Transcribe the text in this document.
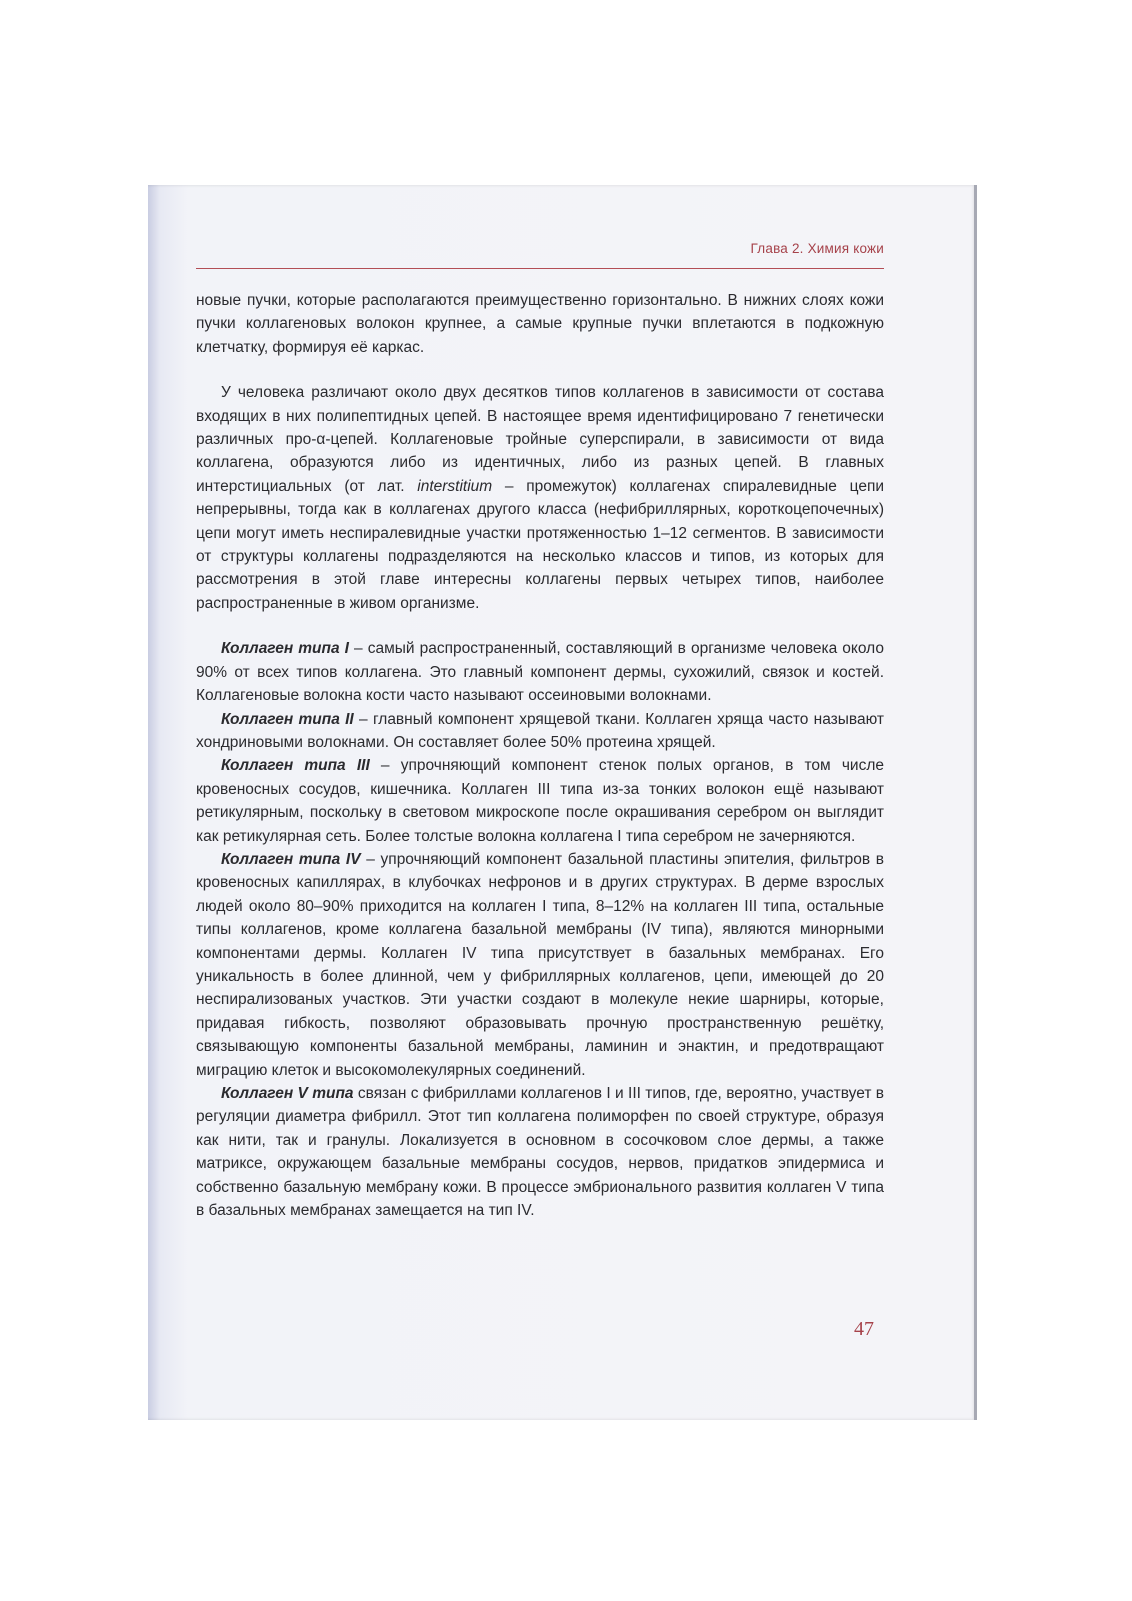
Глава 2. Химия кожи

новые пучки, которые располагаются преимущественно горизонтально. В нижних слоях кожи пучки коллагеновых волокон крупнее, а самые крупные пучки вплетаются в подкожную клетчатку, формируя её каркас.

У человека различают около двух десятков типов коллагенов в зависимости от состава входящих в них полипептидных цепей. В настоящее время идентифицировано 7 генетически различных про-α-цепей. Коллагеновые тройные суперспирали, в зависимости от вида коллагена, образуются либо из идентичных, либо из разных цепей. В главных интерстициальных (от лат. interstitium – промежуток) коллагенах спиралевидные цепи непрерывны, тогда как в коллагенах другого класса (нефибриллярных, короткоцепочечных) цепи могут иметь неспиралевидные участки протяженностью 1–12 сегментов. В зависимости от структуры коллагены подразделяются на несколько классов и типов, из которых для рассмотрения в этой главе интересны коллагены первых четырех типов, наиболее распространенные в живом организме.

Коллаген типа I – самый распространенный, составляющий в организме человека около 90% от всех типов коллагена. Это главный компонент дермы, сухожилий, связок и костей. Коллагеновые волокна кости часто называют оссеиновыми волокнами.

Коллаген типа II – главный компонент хрящевой ткани. Коллаген хряща часто называют хондриновыми волокнами. Он составляет более 50% протеина хрящей.

Коллаген типа III – упрочняющий компонент стенок полых органов, в том числе кровеносных сосудов, кишечника. Коллаген III типа из-за тонких волокон ещё называют ретикулярным, поскольку в световом микроскопе после окрашивания серебром он выглядит как ретикулярная сеть. Более толстые волокна коллагена I типа серебром не зачерняются.

Коллаген типа IV – упрочняющий компонент базальной пластины эпителия, фильтров в кровеносных капиллярах, в клубочках нефронов и в других структурах. В дерме взрослых людей около 80–90% приходится на коллаген I типа, 8–12% на коллаген III типа, остальные типы коллагенов, кроме коллагена базальной мембраны (IV типа), являются минорными компонентами дермы. Коллаген IV типа присутствует в базальных мембранах. Его уникальность в более длинной, чем у фибриллярных коллагенов, цепи, имеющей до 20 неспирализованых участков. Эти участки создают в молекуле некие шарниры, которые, придавая гибкость, позволяют образовывать прочную пространственную решётку, связывающую компоненты базальной мембраны, ламинин и энактин, и предотвращают миграцию клеток и высокомолекулярных соединений.

Коллаген V типа связан с фибриллами коллагенов I и III типов, где, вероятно, участвует в регуляции диаметра фибрилл. Этот тип коллагена полиморфен по своей структуре, образуя как нити, так и гранулы. Локализуется в основном в сосочковом слое дермы, а также матриксе, окружающем базальные мембраны сосудов, нервов, придатков эпидермиса и собственно базальную мембрану кожи. В процессе эмбрионального развития коллаген V типа в базальных мембранах замещается на тип IV.

47
